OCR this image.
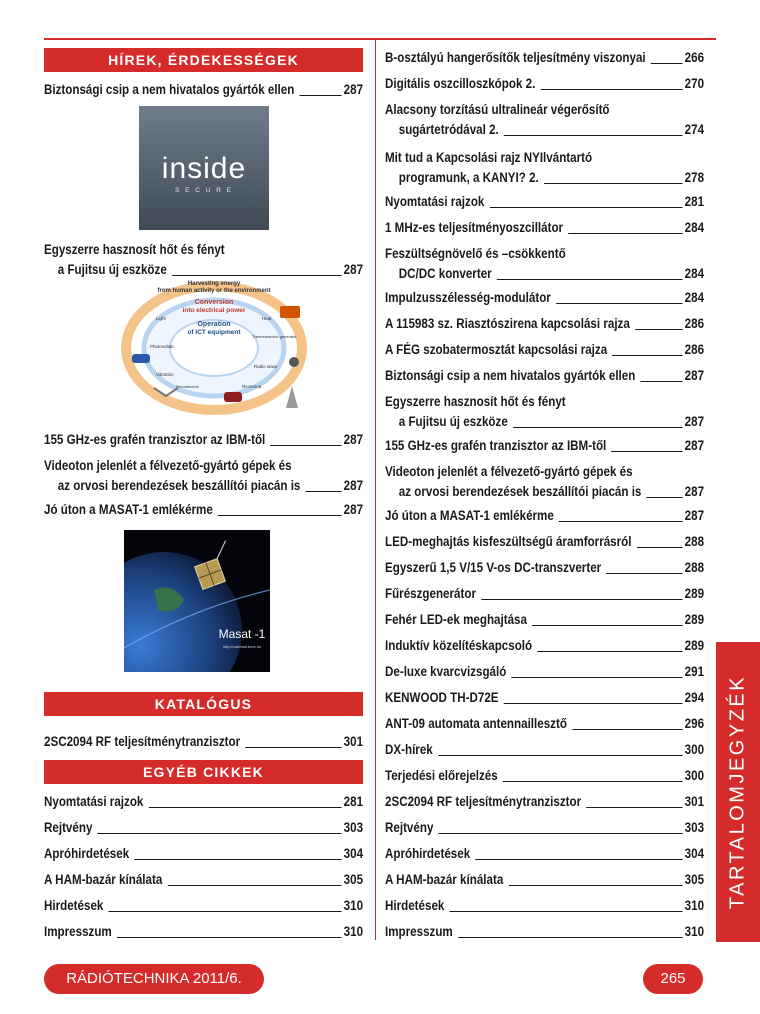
HÍREK, ÉRDEKESSÉGEK
Biztonsági csip a nem hivatalos gyártók ellen	287
Egyszerre hasznosít hőt és fényt
a Fujitsu új eszköze	287
155 GHz-es grafén tranzisztor az IBM-től	287
Videoton jelenlét a félvezető-gyártó gépek és
az orvosi berendezések beszállítói piacán is	287
Jó úton a MASAT-1 emlékérme	287
inside
S E C U R E
Harvesting energy
from human activity or the environment
Conversion
into electrical power
Operation
of ICT equipment
Light	Heat
Photovoltaic
Thermoelectric generator
Vibration
Radio wave
Piezoelectric	Rectenna
Masat -1
http://cubesat.bme.hu
KATALÓGUS
2SC2094 RF teljesítménytranzisztor	301
EGYÉB CIKKEK
Nyomtatási rajzok	281
Rejtvény	303
Apróhirdetések	304
A HAM-bazár kínálata	305
Hirdetések	310
Impresszum	310
B-osztályú hangerősítők teljesítmény viszonyai	266
Digitális oszcilloszkópok 2.	270
Alacsony torzítású ultralineár végerősítő
sugártetródával 2.	274
Mit tud a Kapcsolási rajz NYIlvántartó
programunk, a KANYI? 2.	278
Nyomtatási rajzok	281
1 MHz-es teljesítményoszcillátor	284
Feszültségnövelő és –csökkentő
DC/DC konverter	284
Impulzusszélesség-modulátor	284
A 115983 sz. Riasztószirena kapcsolási rajza	286
A FÉG szobatermosztát kapcsolási rajza	286
Biztonsági csip a nem hivatalos gyártók ellen	287
Egyszerre hasznosít hőt és fényt
a Fujitsu új eszköze	287
155 GHz-es grafén tranzisztor az IBM-től	287
Videoton jelenlét a félvezető-gyártó gépek és
az orvosi berendezések beszállítói piacán is	287
Jó úton a MASAT-1 emlékérme	287
LED-meghajtás kisfeszültségű áramforrásról	288
Egyszerű 1,5 V/15 V-os DC-transzverter	288
Fűrészgenerátor	289
Fehér LED-ek meghajtása	289
Induktív közelítéskapcsoló	289
De-luxe kvarcvizsgáló	291
KENWOOD TH-D72E	294
ANT-09 automata antennaillesztő	296
DX-hírek	300
Terjedési előrejelzés	300
2SC2094 RF teljesítménytranzisztor	301
Rejtvény	303
Apróhirdetések	304
A HAM-bazár kínálata	305
Hirdetések	310
Impresszum	310
RÁDIÓTECHNIKA 2011/6.	265
TARTALOMJEGYZÉK
